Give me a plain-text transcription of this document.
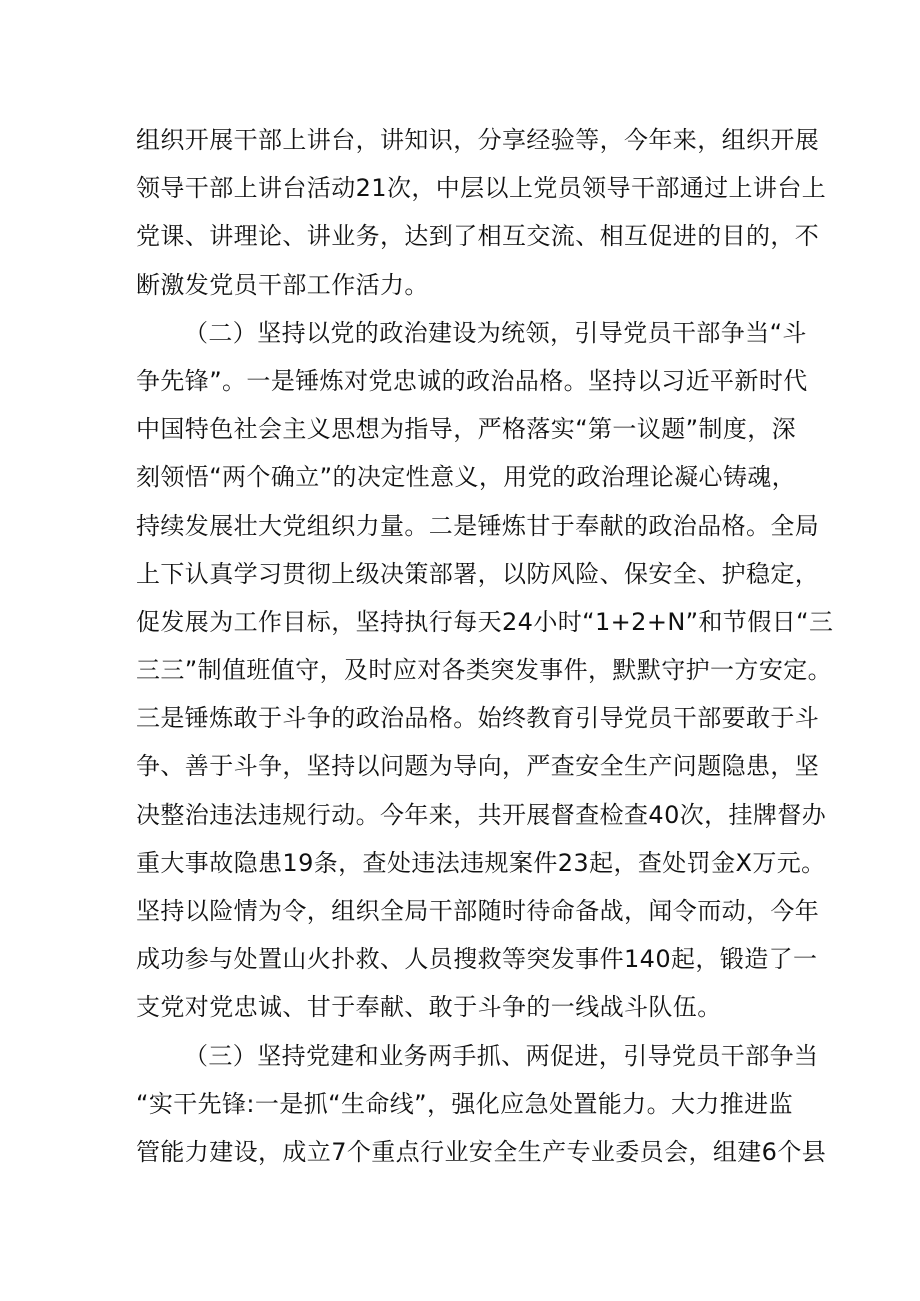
组织开展干部上讲台，讲知识，分享经验等，今年来，组织开展
领导干部上讲台活动21次，中层以上党员领导干部通过上讲台上
党课、讲理论、讲业务，达到了相互交流、相互促进的目的，不
断激发党员干部工作活力。
（二）坚持以党的政治建设为统领，引导党员干部争当“斗
争先锋”。一是锤炼对党忠诚的政治品格。坚持以习近平新时代
中国特色社会主义思想为指导，严格落实“第一议题”制度，深
刻领悟“两个确立”的决定性意义，用党的政治理论凝心铸魂，
持续发展壮大党组织力量。二是锤炼甘于奉献的政治品格。全局
上下认真学习贯彻上级决策部署，以防风险、保安全、护稳定，
促发展为工作目标，坚持执行每天24小时“1+2+N”和节假日“三
三三”制值班值守，及时应对各类突发事件，默默守护一方安定。
三是锤炼敢于斗争的政治品格。始终教育引导党员干部要敢于斗
争、善于斗争，坚持以问题为导向，严查安全生产问题隐患，坚
决整治违法违规行动。今年来，共开展督查检查40次，挂牌督办
重大事故隐患19条，查处违法违规案件23起，查处罚金X万元。
坚持以险情为令，组织全局干部随时待命备战，闻令而动，今年
成功参与处置山火扑救、人员搜救等突发事件140起，锻造了一
支党对党忠诚、甘于奉献、敢于斗争的一线战斗队伍。
（三）坚持党建和业务两手抓、两促进，引导党员干部争当
“实干先锋:一是抓“生命线”，强化应急处置能力。大力推进监
管能力建设，成立7个重点行业安全生产专业委员会，组建6个县
